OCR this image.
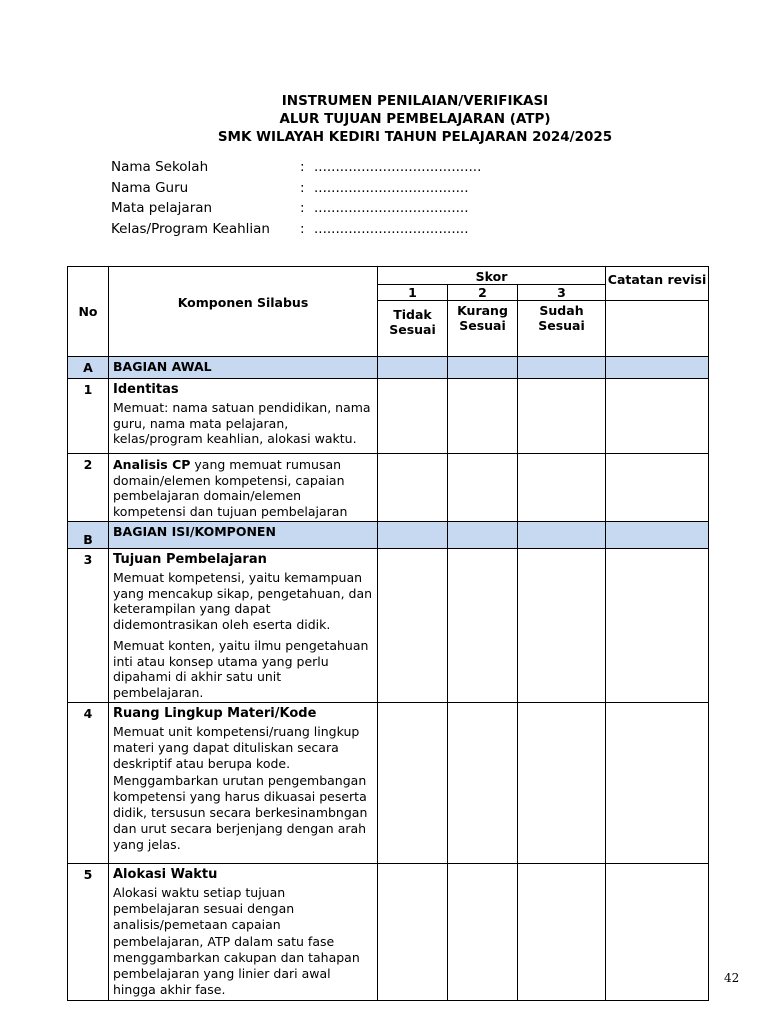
INSTRUMEN PENILAIAN/VERIFIKASI
ALUR TUJUAN PEMBELAJARAN (ATP)
SMK WILAYAH KEDIRI TAHUN PELAJARAN 2024/2025
Nama Sekolah	: .......................................
Nama Guru	: ....................................
Mata pelajaran	: ....................................
Kelas/Program Keahlian : ....................................
No	Komponen Silabus	Skor			Catatan revisi
		1	2	3	
		Tidak Sesuai	Kurang Sesuai	Sudah Sesuai	
A	BAGIAN AWAL				
1	Identitas
Memuat: nama satuan pendidikan, nama guru, nama mata pelajaran, kelas/program keahlian, alokasi waktu.				

2	Analisis CP yang memuat rumusan domain/elemen kompetensi, capaian pembelajaran domain/elemen kompetensi dan tujuan pembelajaran				

B	BAGIAN ISI/KOMPONEN				
3	Tujuan Pembelajaran
Memuat kompetensi, yaitu kemampuan yang mencakup sikap, pengetahuan, dan keterampilan yang dapat didemontrasikan oleh eserta didik.
Memuat konten, yaitu ilmu pengetahuan inti atau konsep utama yang perlu dipahami di akhir satu unit pembelajaran.				

4	Ruang Lingkup Materi/Kode
Memuat unit kompetensi/ruang lingkup materi yang dapat dituliskan secara deskriptif atau berupa kode. Menggambarkan urutan pengembangan kompetensi yang harus dikuasai peserta didik, tersusun secara berkesinambngan dan urut secara berjenjang dengan arah yang jelas.				

5	Alokasi Waktu
Alokasi waktu setiap tujuan pembelajaran sesuai dengan analisis/pemetaan capaian pembelajaran, ATP dalam satu fase menggambarkan cakupan dan tahapan pembelajaran yang linier dari awal hingga akhir fase.				

42
